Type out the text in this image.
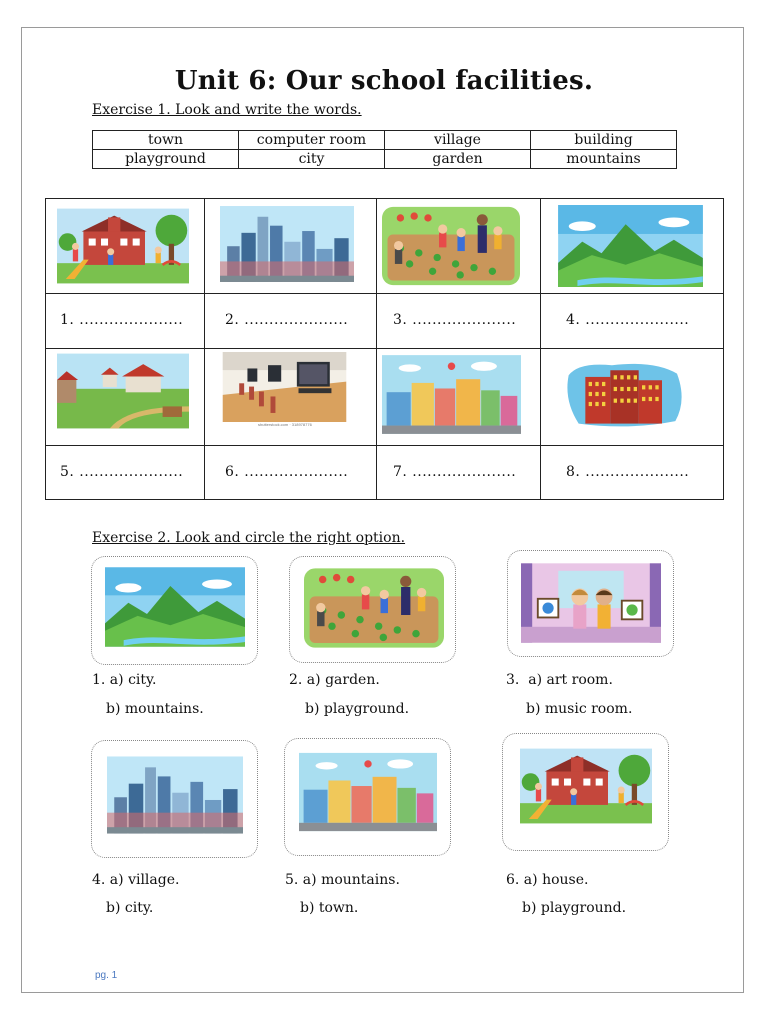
Unit 6: Our school facilities.
Exercise 1. Look and write the words.
town	computer room	village	building
playground	city	garden	mountains
1. .....................	2. .....................	3. .....................	4. .....................
shutterstock.com · 318978776
5. .....................	6. .....................	7. .....................	8. .....................
Exercise 2. Look and circle the right option.
1. a) city.
b) mountains.
2. a) garden.
b) playground.
3.  a) art room.
b) music room.
4. a) village.
b) city.
5. a) mountains.
b) town.
6. a) house.
b) playground.
pg. 1
